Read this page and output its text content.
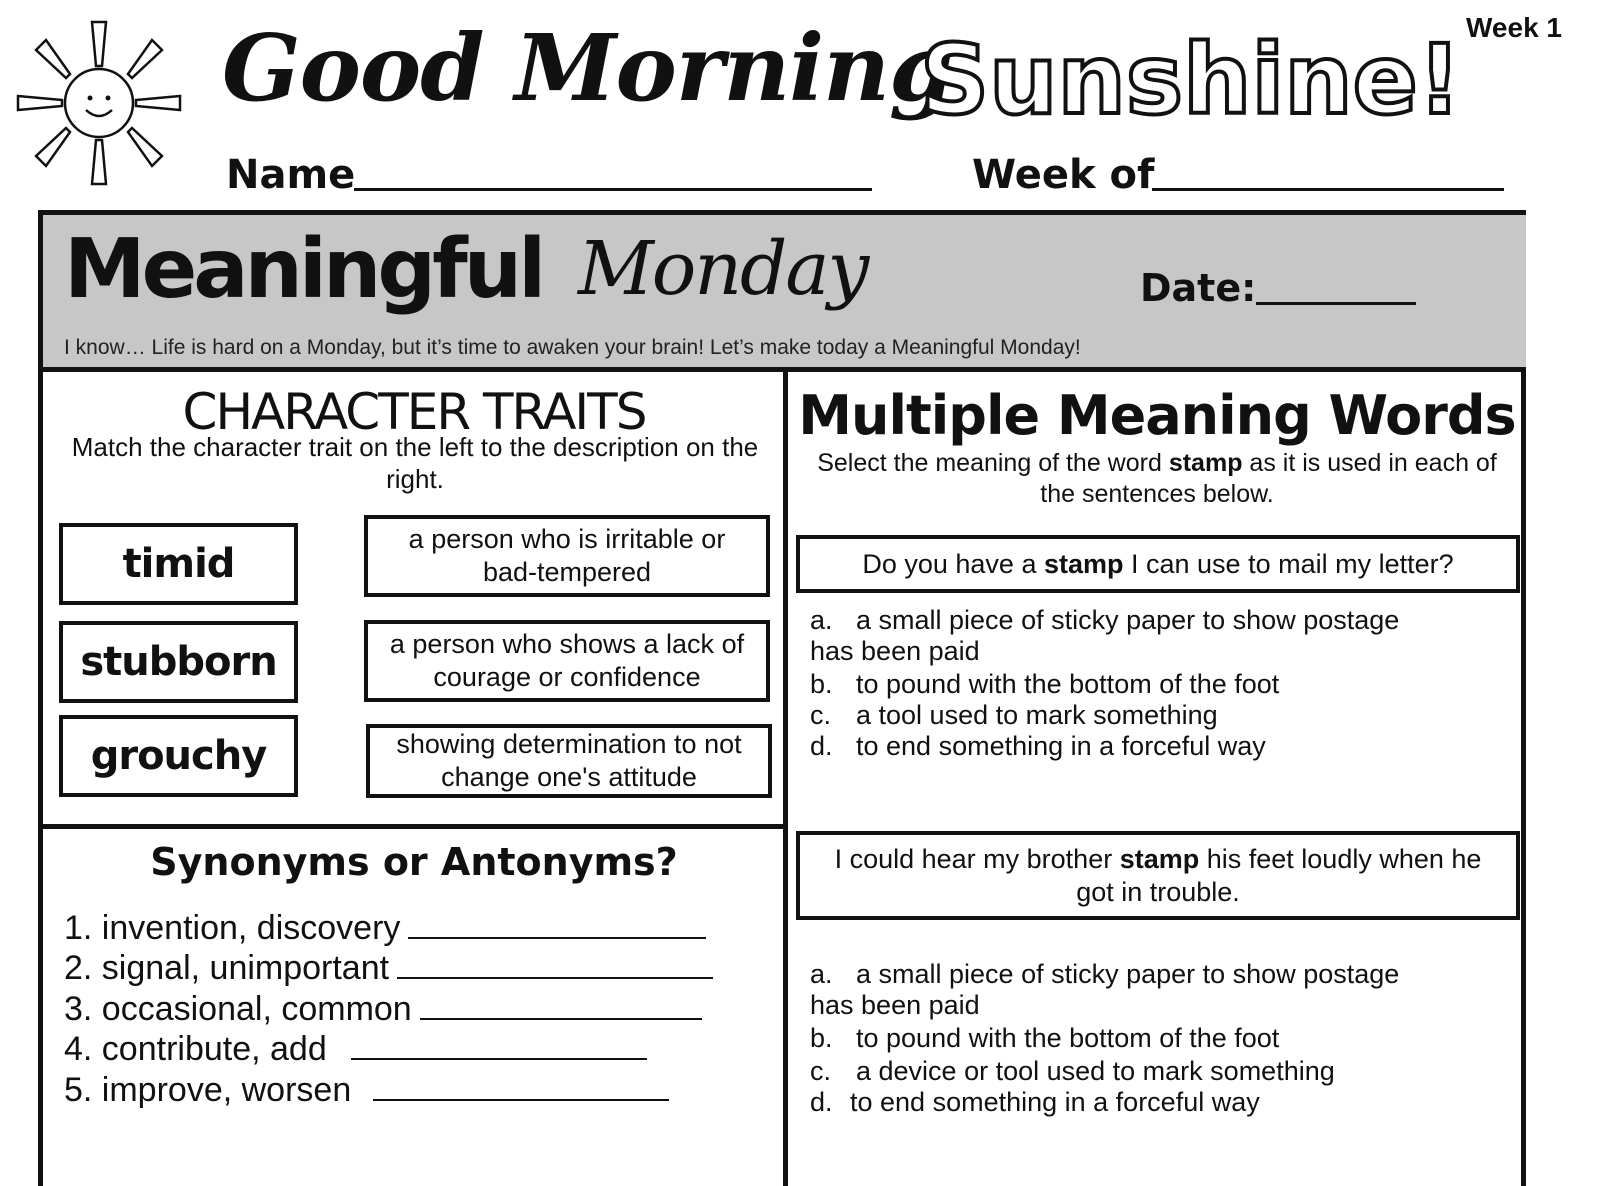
Good Morning,
Sunshine! Week 1
Name	Week of
Meaningful Monday	Date:
I know… Life is hard on a Monday, but it’s time to awaken your brain! Let’s make today a Meaningful Monday!
CHARACTER TRAITS
Match the character trait on the left to the description on the right.
timid
stubborn
grouchy
a person who is irritable or bad-tempered
a person who shows a lack of courage or confidence
showing determination to not change one's attitude
Synonyms or Antonyms?
1. invention, discovery
2. signal, unimportant
3. occasional, common
4. contribute, add
5. improve, worsen
Multiple Meaning Words
Select the meaning of the word stamp as it is used in each of the sentences below.
Do you have a stamp I can use to mail my letter?
a. a small piece of sticky paper to show postage
has been paid
b. to pound with the bottom of the foot
c. a tool used to mark something
d. to end something in a forceful way
I could hear my brother stamp his feet loudly when he got in trouble.
a. a small piece of sticky paper to show postage
has been paid
b. to pound with the bottom of the foot
c. a device or tool used to mark something
d. to end something in a forceful way
